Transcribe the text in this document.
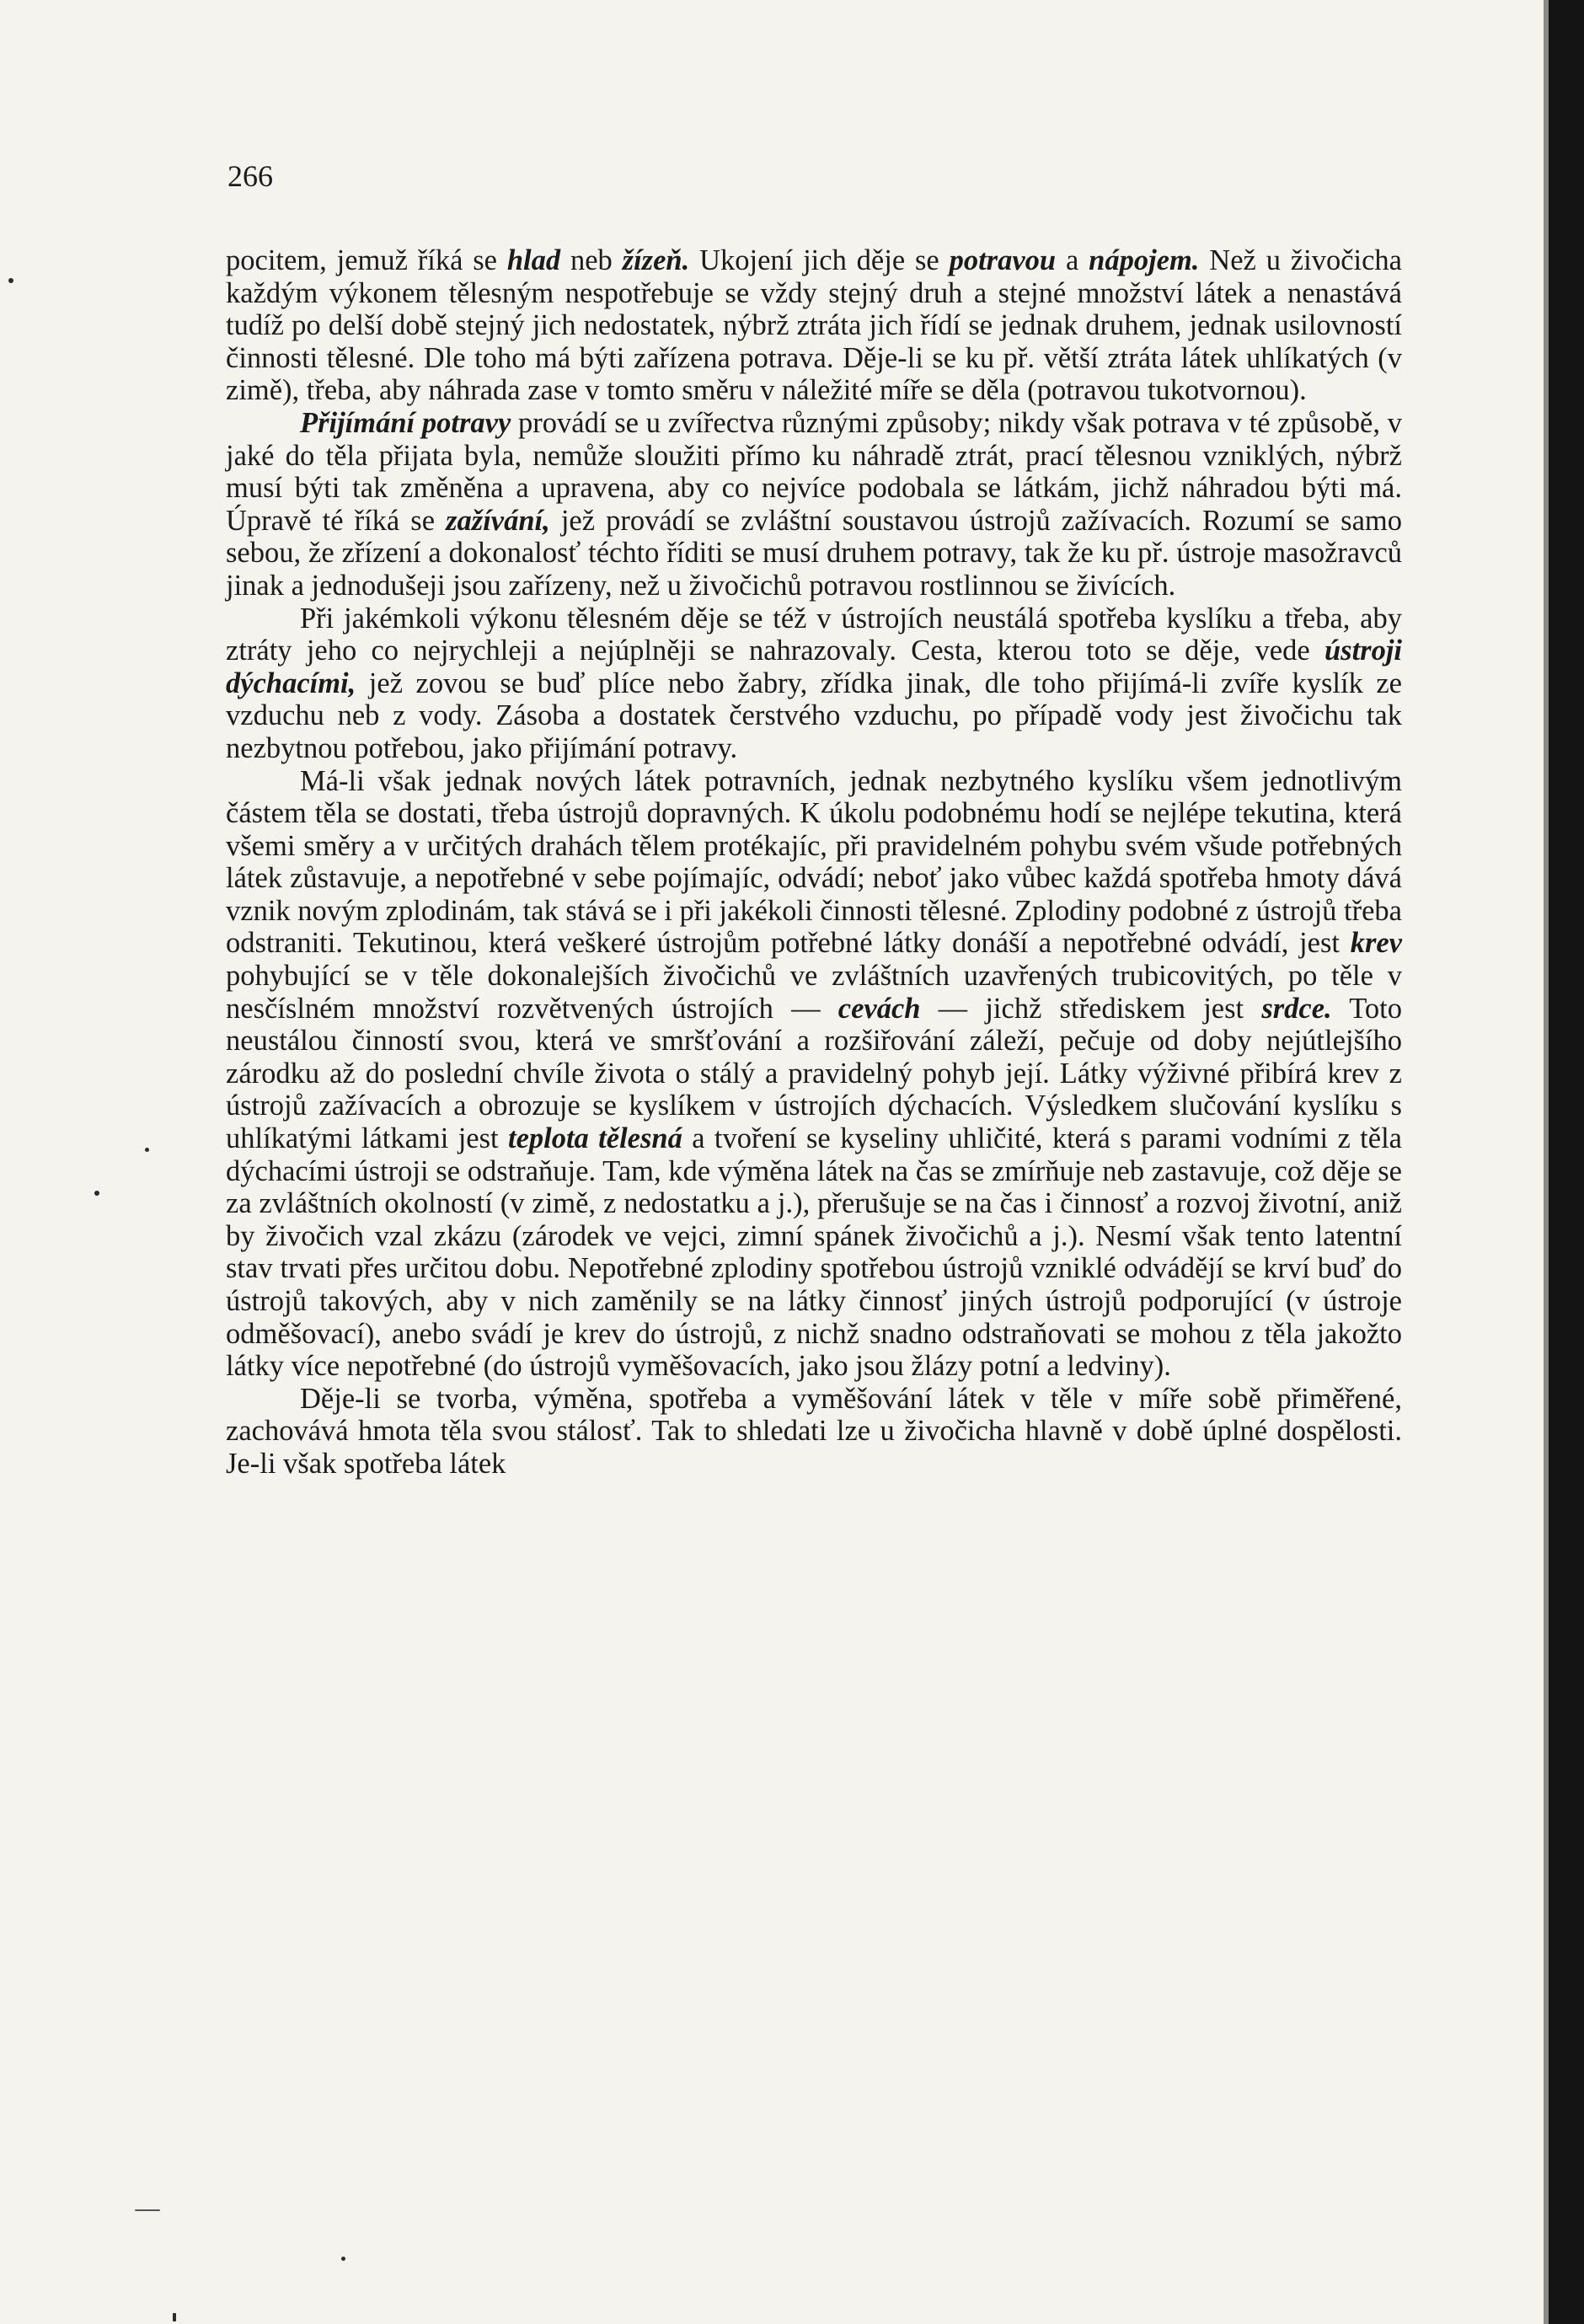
266

pocitem, jemuž říká se hlad neb žízeň. Ukojení jich děje se potravou a nápojem. Než u živočicha každým výkonem tělesným nespotřebuje se vždy stejný druh a stejné množství látek a nenastává tudíž po delší době stejný jich nedostatek, nýbrž ztráta jich řídí se jednak druhem, jednak usilovností činnosti tělesné. Dle toho má býti zařízena potrava. Děje-li se ku př. větší ztráta látek uhlíkatých (v zimě), třeba, aby náhrada zase v tomto směru v náležité míře se děla (potravou tukotvornou).

Přijímání potravy provádí se u zvířectva různými způsoby; nikdy však potrava v té způsobě, v jaké do těla přijata byla, nemůže sloužiti přímo ku náhradě ztrát, prací tělesnou vzniklých, nýbrž musí býti tak změněna a upravena, aby co nejvíce podobala se látkám, jichž náhradou býti má. Úpravě té říká se zažívání, jež provádí se zvláštní soustavou ústrojů zažívacích. Rozumí se samo sebou, že zřízení a dokonalosť téchto říditi se musí druhem potravy, tak že ku př. ústroje masožravců jinak a jednodušeji jsou zařízeny, než u živočichů potravou rostlinnou se živících.

Při jakémkoli výkonu tělesném děje se též v ústrojích neustálá spotřeba kyslíku a třeba, aby ztráty jeho co nejrychleji a nejúplněji se nahrazovaly. Cesta, kterou toto se děje, vede ústroji dýchacími, jež zovou se buď plíce nebo žabry, zřídka jinak, dle toho přijímá-li zvíře kyslík ze vzduchu neb z vody. Zásoba a dostatek čerstvého vzduchu, po případě vody jest živočichu tak nezbytnou potřebou, jako přijímání potravy.

Má-li však jednak nových látek potravních, jednak nezbytného kyslíku všem jednotlivým částem těla se dostati, třeba ústrojů dopravných. K úkolu podobnému hodí se nejlépe tekutina, která všemi směry a v určitých drahách tělem protékajíc, při pravidelném pohybu svém všude potřebných látek zůstavuje, a nepotřebné v sebe pojímajíc, odvádí; neboť jako vůbec každá spotřeba hmoty dává vznik novým zplodinám, tak stává se i při jakékoli činnosti tělesné. Zplodiny podobné z ústrojů třeba odstraniti. Tekutinou, která veškeré ústrojům potřebné látky donáší a nepotřebné odvádí, jest krev pohybující se v těle dokonalejších živočichů ve zvláštních uzavřených trubicovitých, po těle v nesčíslném množství rozvětvených ústrojích — cevách — jichž střediskem jest srdce. Toto neustálou činností svou, která ve smršťování a rozšiřování záleží, pečuje od doby nejútlejšího zárodku až do poslední chvíle života o stálý a pravidelný pohyb její. Látky výživné přibírá krev z ústrojů zažívacích a obrozuje se kyslíkem v ústrojích dýchacích. Výsledkem slučování kyslíku s uhlíkatými látkami jest teplota tělesná a tvoření se kyseliny uhličité, která s parami vodními z těla dýchacími ústroji se odstraňuje. Tam, kde výměna látek na čas se zmírňuje neb zastavuje, což děje se za zvláštních okolností (v zimě, z nedostatku a j.), přerušuje se na čas i činnosť a rozvoj životní, aniž by živočich vzal zkázu (zárodek ve vejci, zimní spánek živočichů a j.). Nesmí však tento latentní stav trvati přes určitou dobu. Nepotřebné zplodiny spotřebou ústrojů vzniklé odvádějí se krví buď do ústrojů takových, aby v nich zaměnily se na látky činnosť jiných ústrojů podporující (v ústroje odměšovací), anebo svádí je krev do ústrojů, z nichž snadno odstraňovati se mohou z těla jakožto látky více nepotřebné (do ústrojů vyměšovacích, jako jsou žlázy potní a ledviny).

Děje-li se tvorba, výměna, spotřeba a vyměšování látek v těle v míře sobě přiměřené, zachovává hmota těla svou stálosť. Tak to shledati lze u živočicha hlavně v době úplné dospělosti. Je-li však spotřeba látek
